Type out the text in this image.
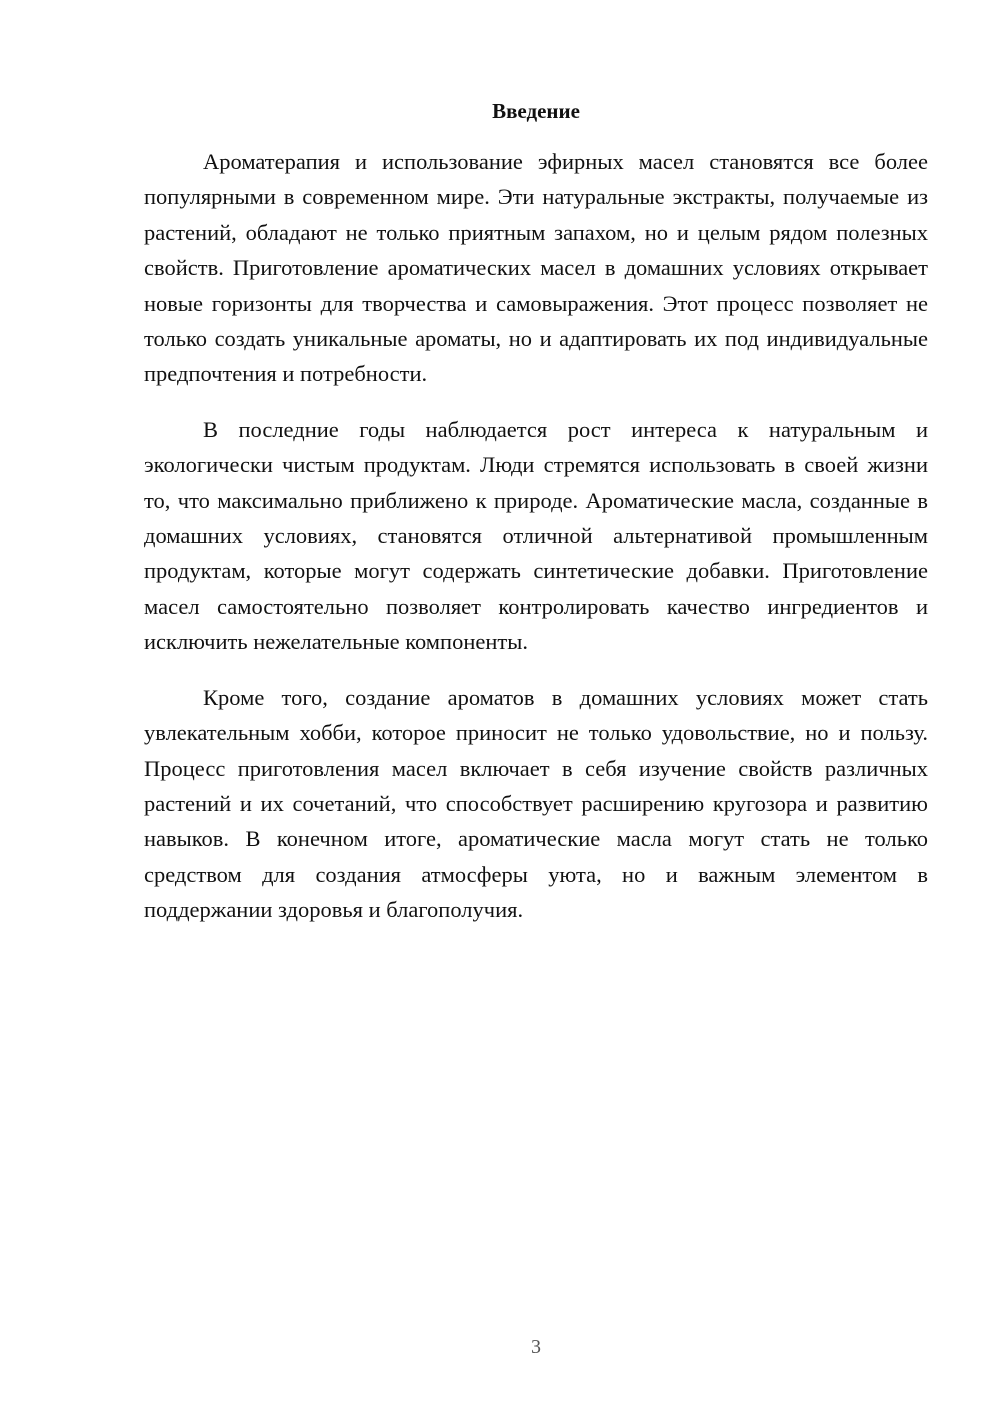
Введение

Ароматерапия и использование эфирных масел становятся все более популярными в современном мире. Эти натуральные экстракты, получаемые из растений, обладают не только приятным запахом, но и целым рядом полезных свойств. Приготовление ароматических масел в домашних условиях открывает новые горизонты для творчества и самовыражения. Этот процесс позволяет не только создать уникальные ароматы, но и адаптировать их под индивидуальные предпочтения и потребности.

В последние годы наблюдается рост интереса к натуральным и экологически чистым продуктам. Люди стремятся использовать в своей жизни то, что максимально приближено к природе. Ароматические масла, созданные в домашних условиях, становятся отличной альтернативой промышленным продуктам, которые могут содержать синтетические добавки. Приготовление масел самостоятельно позволяет контролировать качество ингредиентов и исключить нежелательные компоненты.

Кроме того, создание ароматов в домашних условиях может стать увлекательным хобби, которое приносит не только удовольствие, но и пользу. Процесс приготовления масел включает в себя изучение свойств различных растений и их сочетаний, что способствует расширению кругозора и развитию навыков. В конечном итоге, ароматические масла могут стать не только средством для создания атмосферы уюта, но и важным элементом в поддержании здоровья и благополучия.

3
